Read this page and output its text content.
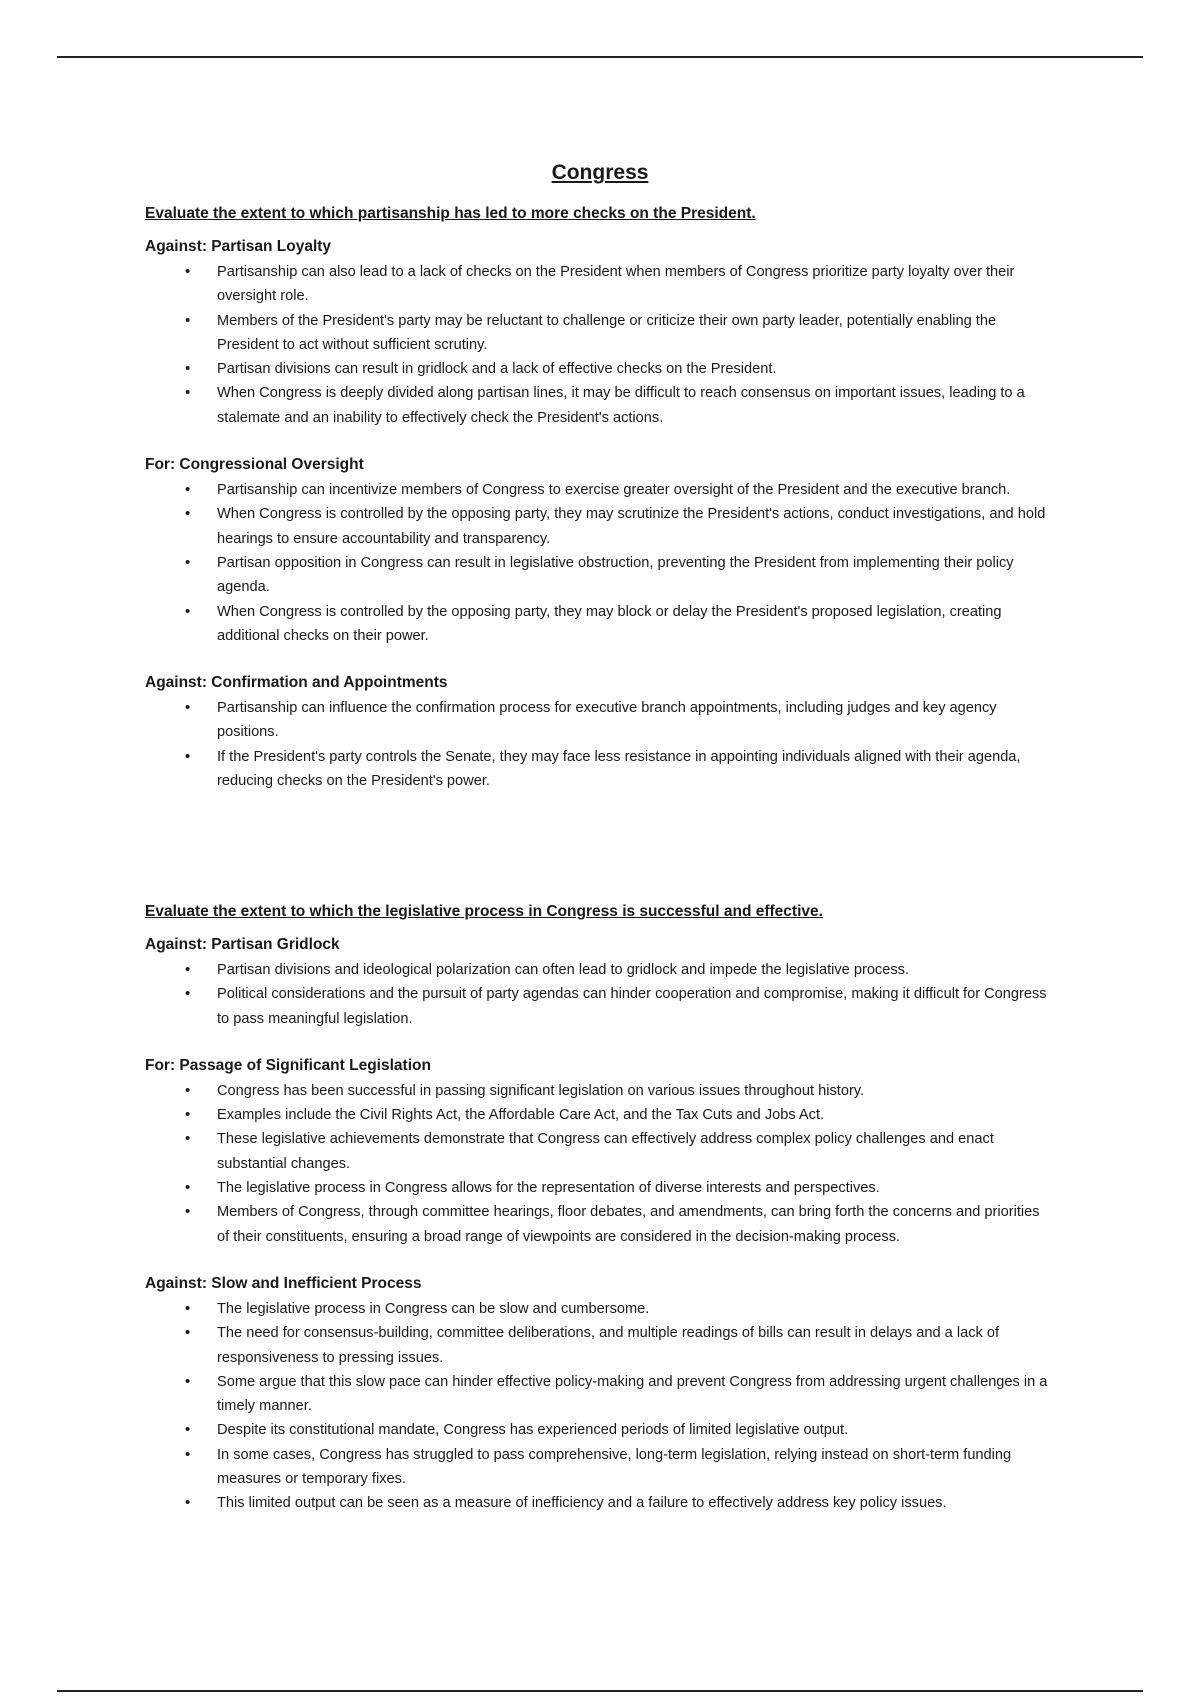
Congress

Evaluate the extent to which partisanship has led to more checks on the President.

Against: Partisan Loyalty

• Partisanship can also lead to a lack of checks on the President when members of Congress prioritize party loyalty over their oversight role.
• Members of the President's party may be reluctant to challenge or criticize their own party leader, potentially enabling the President to act without sufficient scrutiny.
• Partisan divisions can result in gridlock and a lack of effective checks on the President.
• When Congress is deeply divided along partisan lines, it may be difficult to reach consensus on important issues, leading to a stalemate and an inability to effectively check the President's actions.

For: Congressional Oversight

• Partisanship can incentivize members of Congress to exercise greater oversight of the President and the executive branch.
• When Congress is controlled by the opposing party, they may scrutinize the President's actions, conduct investigations, and hold hearings to ensure accountability and transparency.
• Partisan opposition in Congress can result in legislative obstruction, preventing the President from implementing their policy agenda.
• When Congress is controlled by the opposing party, they may block or delay the President's proposed legislation, creating additional checks on their power.

Against: Confirmation and Appointments

• Partisanship can influence the confirmation process for executive branch appointments, including judges and key agency positions.
• If the President's party controls the Senate, they may face less resistance in appointing individuals aligned with their agenda, reducing checks on the President's power.

Evaluate the extent to which the legislative process in Congress is successful and effective.

Against: Partisan Gridlock

• Partisan divisions and ideological polarization can often lead to gridlock and impede the legislative process.
• Political considerations and the pursuit of party agendas can hinder cooperation and compromise, making it difficult for Congress to pass meaningful legislation.

For: Passage of Significant Legislation

• Congress has been successful in passing significant legislation on various issues throughout history.
• Examples include the Civil Rights Act, the Affordable Care Act, and the Tax Cuts and Jobs Act.
• These legislative achievements demonstrate that Congress can effectively address complex policy challenges and enact substantial changes.
• The legislative process in Congress allows for the representation of diverse interests and perspectives.
• Members of Congress, through committee hearings, floor debates, and amendments, can bring forth the concerns and priorities of their constituents, ensuring a broad range of viewpoints are considered in the decision-making process.

Against: Slow and Inefficient Process

• The legislative process in Congress can be slow and cumbersome.
• The need for consensus-building, committee deliberations, and multiple readings of bills can result in delays and a lack of responsiveness to pressing issues.
• Some argue that this slow pace can hinder effective policy-making and prevent Congress from addressing urgent challenges in a timely manner.
• Despite its constitutional mandate, Congress has experienced periods of limited legislative output.
• In some cases, Congress has struggled to pass comprehensive, long-term legislation, relying instead on short-term funding measures or temporary fixes.
• This limited output can be seen as a measure of inefficiency and a failure to effectively address key policy issues.
